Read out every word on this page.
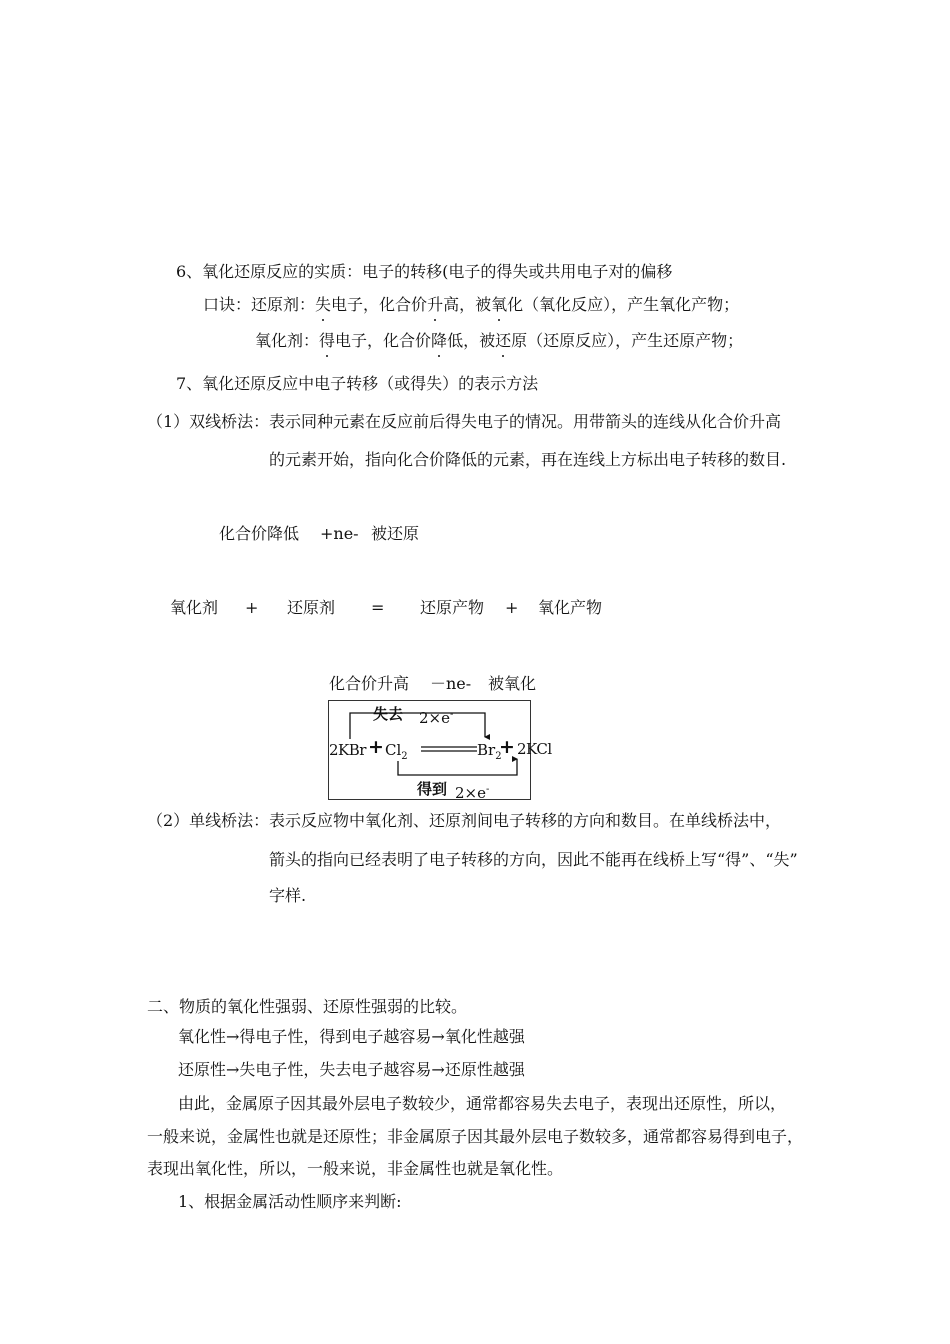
6、氧化还原反应的实质：电子的转移(电子的得失或共用电子对的偏移
口诀：还原剂：失电子，化合价升高，被氧化（氧化反应），产生氧化产物；
氧化剂：得电子，化合价降低，被还原（还原反应），产生还原产物；
7、氧化还原反应中电子转移（或得失）的表示方法
（1）双线桥法： 表示同种元素在反应前后得失电子的情况。用带箭头的连线从化合价升高
的元素开始，指向化合价降低的元素，再在连线上方标出电子转移的数目.
化合价降低 +ne- 被还原
氧化剂 + 还原剂 = 还原产物 + 氧化产物
化合价升高 －ne- 被氧化
失去 2×e-
$2KBr + Cl_2$	$Br_2$
+
得到 2×e-
2KCl
（2）单线桥法： 表示反应物中氧化剂、还原剂间电子转移的方向和数目。在单线桥法中，
箭头的指向已经表明了电子转移的方向，因此不能再在线桥上写“得”、“失”
字样.
二、物质的氧化性强弱、还原性强弱的比较。
氧化性→得电子性，得到电子越容易→氧化性越强
还原性→失电子性，失去电子越容易→还原性越强
由此，金属原子因其最外层电子数较少，通常都容易失去电子，表现出还原性，所以，
一般来说，金属性也就是还原性；非金属原子因其最外层电子数较多，通常都容易得到电子，
表现出氧化性，所以，一般来说，非金属性也就是氧化性。
1、根据金属活动性顺序来判断:
